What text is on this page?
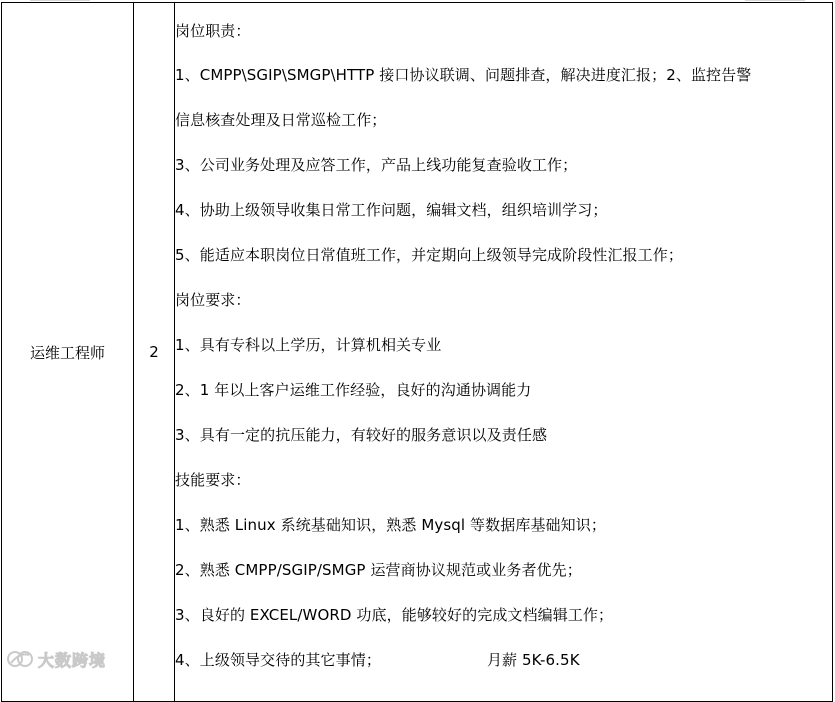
运维工程师	2	
岗位职责：
1、CMPP\SGIP\SMGP\HTTP 接口协议联调、问题排查，解决进度汇报；2、监控告警
信息核查处理及日常巡检工作；
3、公司业务处理及应答工作，产品上线功能复查验收工作；
4、协助上级领导收集日常工作问题，编辑文档，组织培训学习；
5、能适应本职岗位日常值班工作，并定期向上级领导完成阶段性汇报工作；
岗位要求：
1、具有专科以上学历，计算机相关专业
2、1 年以上客户运维工作经验，良好的沟通协调能力
3、具有一定的抗压能力，有较好的服务意识以及责任感
技能要求：
1、熟悉 Linux 系统基础知识，熟悉 Mysql 等数据库基础知识；
2、熟悉 CMPP/SGIP/SMGP 运营商协议规范或业务者优先；
3、良好的 EXCEL/WORD 功底，能够较好的完成文档编辑工作；
4、上级领导交待的其它事情；	月薪 5K-6.5K
大数跨境
